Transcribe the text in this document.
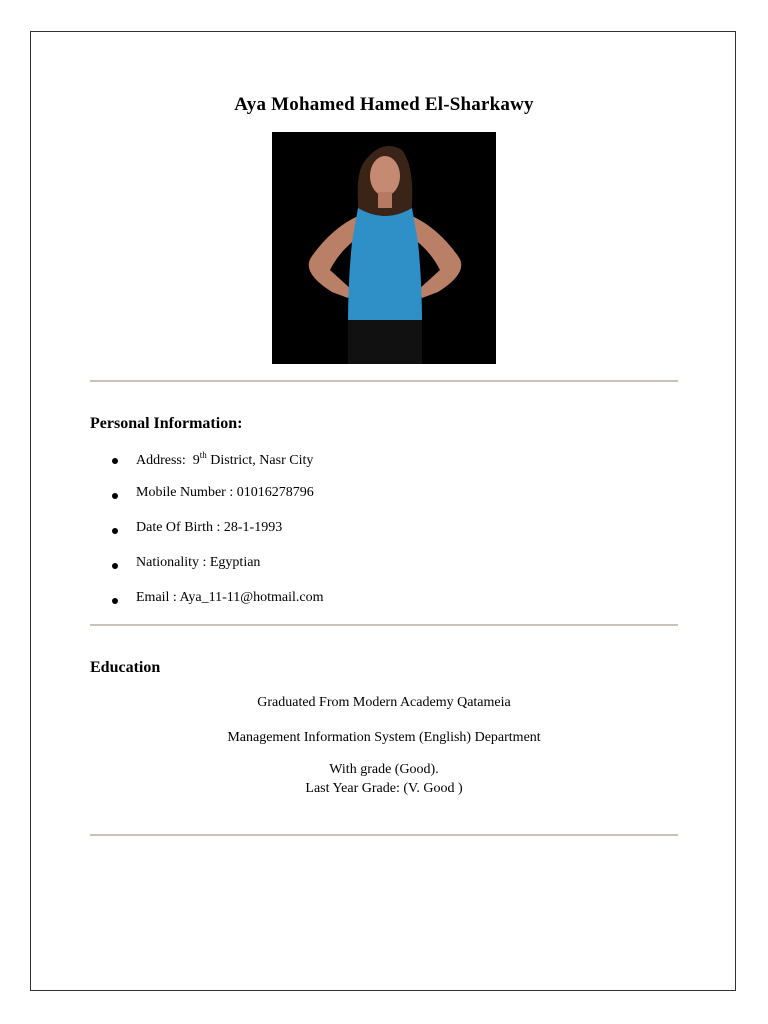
Aya Mohamed Hamed El-Sharkawy
Personal Information:
Address: 9th District, Nasr City
Mobile Number : 01016278796
Date Of Birth : 28-1-1993
Nationality : Egyptian
Email : Aya_11-11@hotmail.com
Education
Graduated From Modern Academy Qatameia
Management Information System (English) Department
With grade (Good).
Last Year Grade: (V. Good )
